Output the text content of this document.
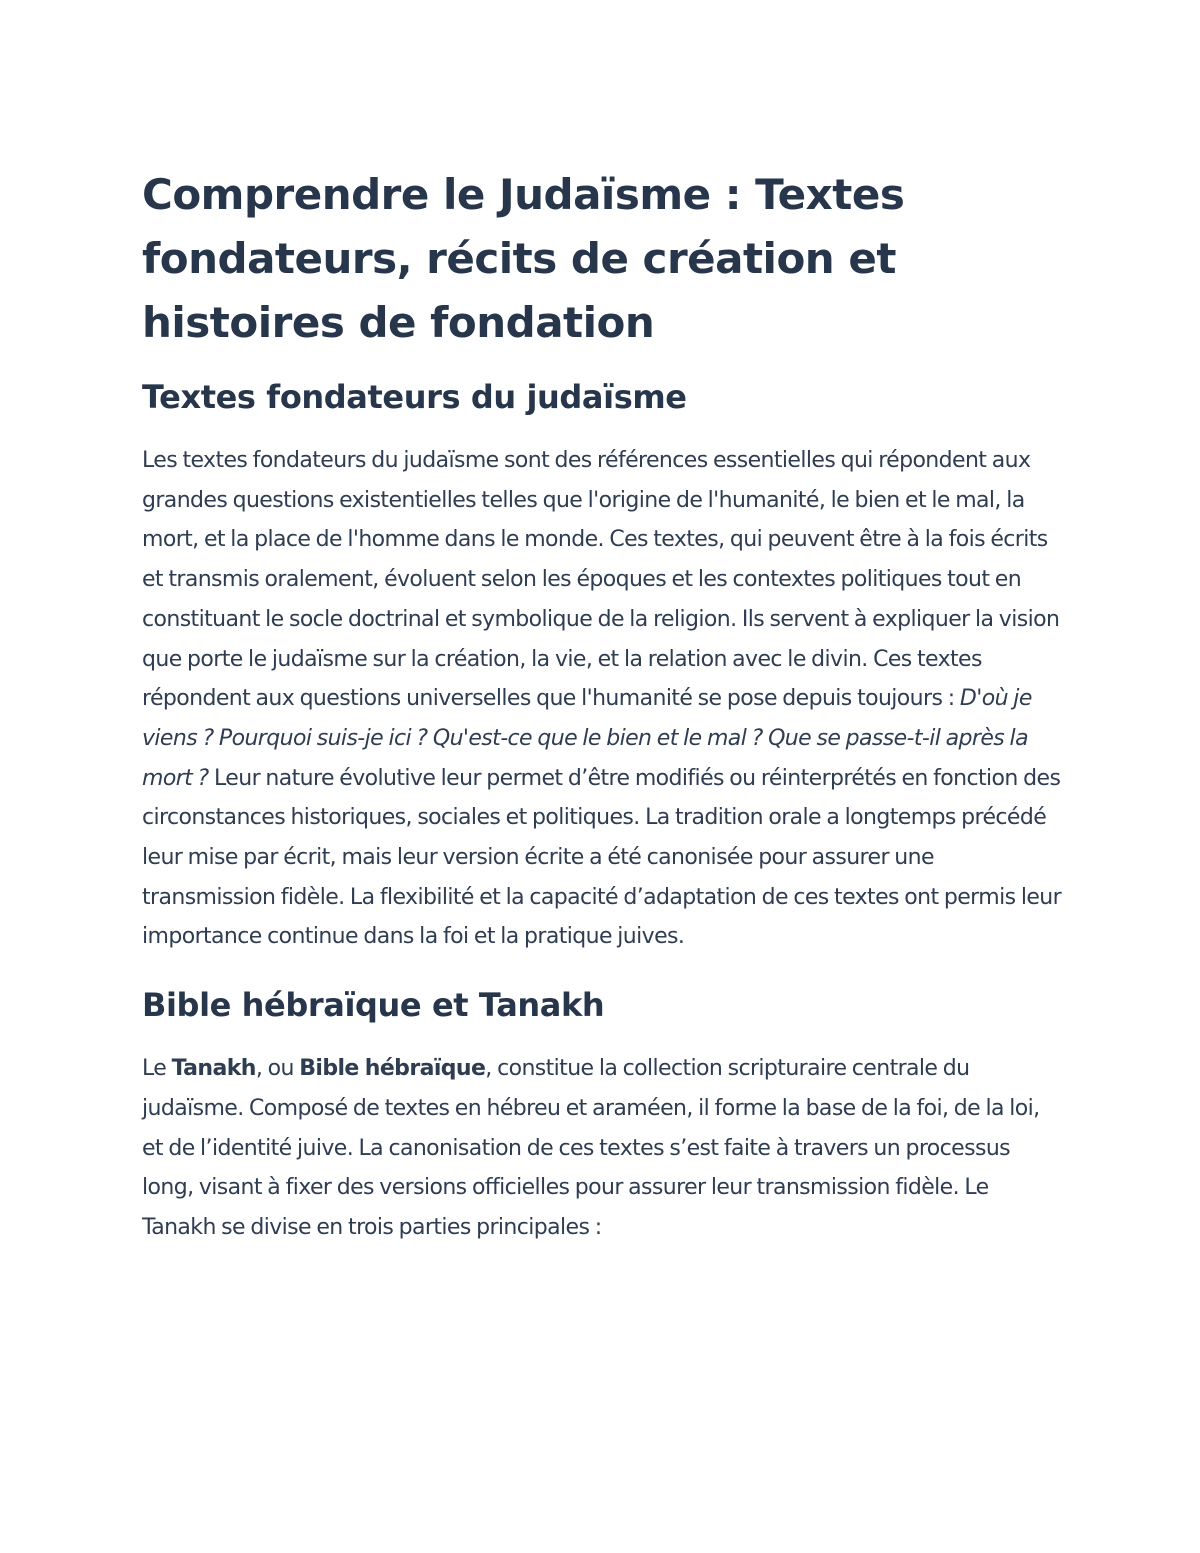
Comprendre le Judaïsme : Textes fondateurs, récits de création et histoires de fondation
Textes fondateurs du judaïsme

Les textes fondateurs du judaïsme sont des références essentielles qui répondent aux grandes questions existentielles telles que l'origine de l'humanité, le bien et le mal, la mort, et la place de l'homme dans le monde. Ces textes, qui peuvent être à la fois écrits et transmis oralement, évoluent selon les époques et les contextes politiques tout en constituant le socle doctrinal et symbolique de la religion. Ils servent à expliquer la vision que porte le judaïsme sur la création, la vie, et la relation avec le divin. Ces textes répondent aux questions universelles que l'humanité se pose depuis toujours : D'où je viens ? Pourquoi suis-je ici ? Qu'est-ce que le bien et le mal ? Que se passe-t-il après la mort ? Leur nature évolutive leur permet d’être modifiés ou réinterprétés en fonction des circonstances historiques, sociales et politiques. La tradition orale a longtemps précédé leur mise par écrit, mais leur version écrite a été canonisée pour assurer une transmission fidèle. La flexibilité et la capacité d’adaptation de ces textes ont permis leur importance continue dans la foi et la pratique juives.

Bible hébraïque et Tanakh

Le Tanakh, ou Bible hébraïque, constitue la collection scripturaire centrale du judaïsme. Composé de textes en hébreu et araméen, il forme la base de la foi, de la loi, et de l’identité juive. La canonisation de ces textes s’est faite à travers un processus long, visant à fixer des versions officielles pour assurer leur transmission fidèle. Le Tanakh se divise en trois parties principales :
